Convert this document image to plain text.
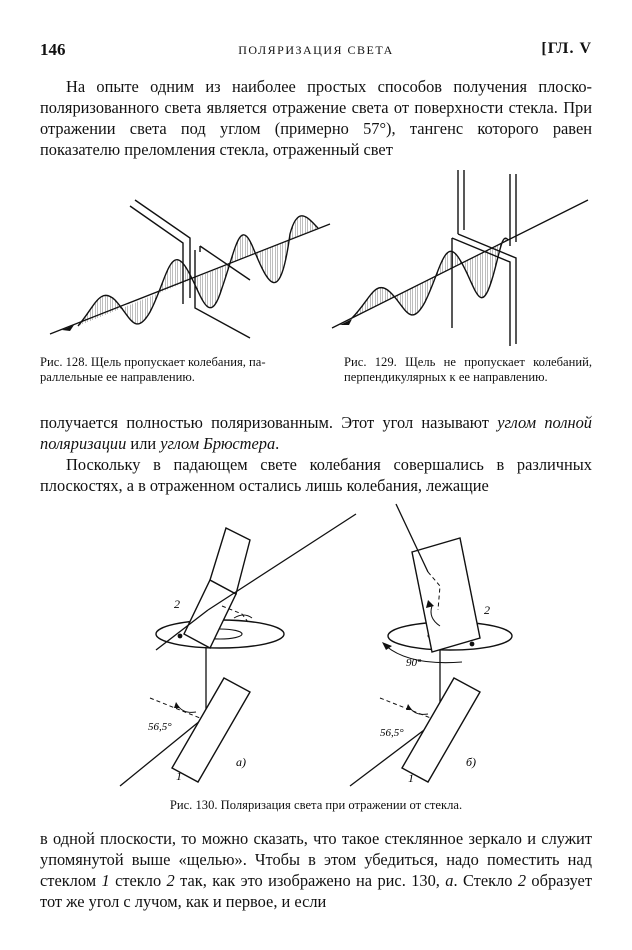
146	ПОЛЯРИЗАЦИЯ СВЕТА	[ГЛ. V

На опыте одним из наиболее простых способов получения плоскополяризованного света является отражение света от поверхности стекла. При отражении света под углом (примерно 57°), тангенс которого равен показателю преломления стекла, отраженный свет

Рис. 128. Щель пропускает колебания, параллельные ее направлению.

Рис. 129. Щель не пропускает колебаний, перпендикулярных к ее направлению.

получается полностью поляризованным. Этот угол называют углом полной поляризации или углом Брюстера.

Поскольку в падающем свете колебания совершались в различных плоскостях, а в отраженном остались лишь колебания, лежащие

56,5°
1
2
а)
56,5°
1
2
90°
б)

Рис. 130. Поляризация света при отражении от стекла.

в одной плоскости, то можно сказать, что такое стеклянное зеркало и служит упомянутой выше «щелью». Чтобы в этом убедиться, надо поместить над стеклом 1 стекло 2 так, как это изображено на рис. 130, а. Стекло 2 образует тот же угол с лучом, как и первое, и если
